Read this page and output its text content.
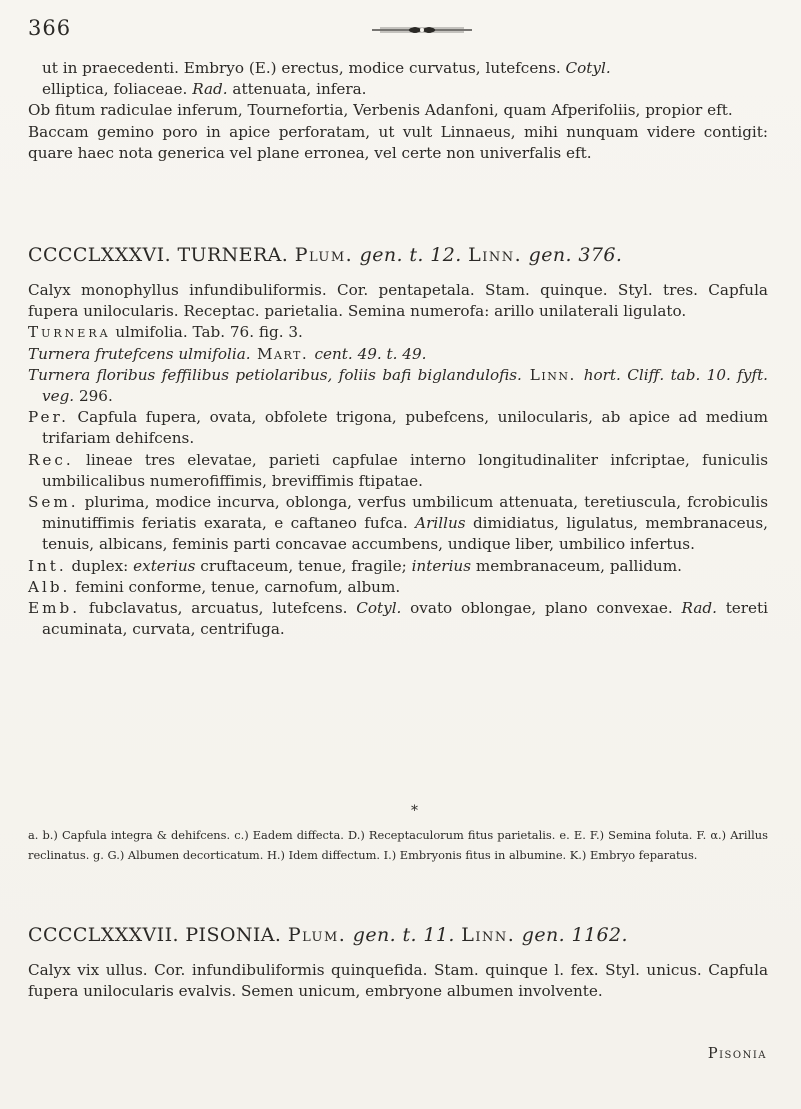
366

ut in praecedenti. Embryo (E.) erectus, modice curvatus, lutefcens. Cotyl.

elliptica, foliaceae. Rad. attenuata, infera.

Ob fitum radiculae inferum, Tournefortia, Verbenis Adanfoni, quam Afperifoliis, propior eft.

Baccam gemino poro in apice perforatam, ut vult Linnaeus, mihi nunquam videre contigit: quare haec nota generica vel plane erronea, vel certe non univerfalis eft.

CCCCLXXXVI. TURNERA. Plum. gen. t. 12. Linn. gen. 376.

Calyx monophyllus infundibuliformis. Cor. pentapetala. Stam. quinque. Styl. tres. Capfula fupera unilocularis. Receptac. parietalia. Semina numerofa: arillo unilaterali ligulato.

Turnera ulmifolia. Tab. 76. fig. 3.

Turnera frutefcens ulmifolia. Mart. cent. 49. t. 49.

Turnera floribus feffilibus petiolaribus, foliis bafi biglandulofis. Linn. hort. Cliff. tab. 10. fyft. veg. 296.

Per. Capfula fupera, ovata, obfolete trigona, pubefcens, unilocularis, ab apice ad medium trifariam dehifcens.

Rec. lineae tres elevatae, parieti capfulae interno longitudinaliter infcriptae, funiculis umbilicalibus numerofiffimis, breviffimis ftipatae.

Sem. plurima, modice incurva, oblonga, verfus umbilicum attenuata, teretiuscula, fcrobiculis minutiffimis feriatis exarata, e caftaneo fufca. Arillus dimidiatus, ligulatus, membranaceus, tenuis, albicans, feminis parti concavae accumbens, undique liber, umbilico infertus.

Int. duplex: exterius cruftaceum, tenue, fragile; interius membranaceum, pallidum.

Alb. femini conforme, tenue, carnofum, album.

Emb. fubclavatus, arcuatus, lutefcens. Cotyl. ovato oblongae, plano convexae. Rad. tereti acuminata, curvata, centrifuga.

*
a. b.) Capfula integra & dehifcens. c.) Eadem diffecta. D.) Receptaculorum fitus parietalis. e. E. F.) Semina foluta. F. α.) Arillus reclinatus. g. G.) Albumen decorticatum. H.) Idem diffectum. I.) Embryonis fitus in albumine. K.) Embryo feparatus.
CCCCLXXXVII. PISONIA. Plum. gen. t. 11. Linn. gen. 1162.

Calyx vix ullus. Cor. infundibuliformis quinquefida. Stam. quinque l. fex. Styl. unicus. Capfula fupera unilocularis evalvis. Semen unicum, embryone albumen involvente.

Pisonia
